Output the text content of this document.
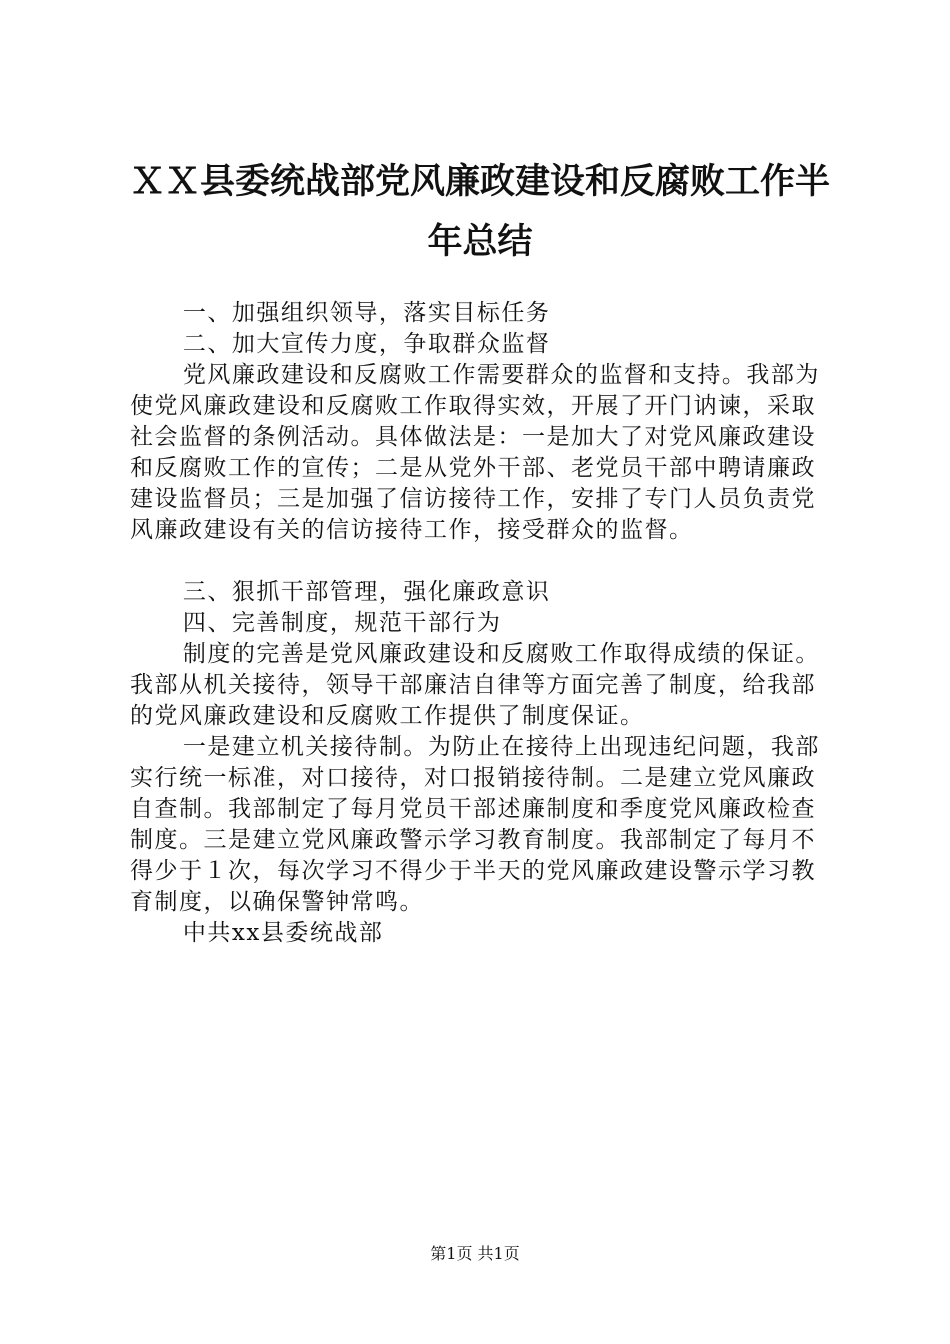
ＸＸ县委统战部党风廉政建设和反腐败工作半
年总结

一、加强组织领导，落实目标任务

二、加大宣传力度，争取群众监督

党风廉政建设和反腐败工作需要群众的监督和支持。我部为使党风廉政建设和反腐败工作取得实效，开展了开门讷谏，采取社会监督的条例活动。具体做法是：一是加大了对党风廉政建设和反腐败工作的宣传；二是从党外干部、老党员干部中聘请廉政建设监督员；三是加强了信访接待工作，安排了专门人员负责党风廉政建设有关的信访接待工作，接受群众的监督。

三、狠抓干部管理，强化廉政意识

四、完善制度，规范干部行为

制度的完善是党风廉政建设和反腐败工作取得成绩的保证。我部从机关接待，领导干部廉洁自律等方面完善了制度，给我部的党风廉政建设和反腐败工作提供了制度保证。

一是建立机关接待制。为防止在接待上出现违纪问题，我部实行统一标准，对口接待，对口报销接待制。二是建立党风廉政自查制。我部制定了每月党员干部述廉制度和季度党风廉政检查制度。三是建立党风廉政警示学习教育制度。我部制定了每月不得少于１次，每次学习不得少于半天的党风廉政建设警示学习教育制度，以确保警钟常鸣。

中共xx县委统战部

第1页 共1页
